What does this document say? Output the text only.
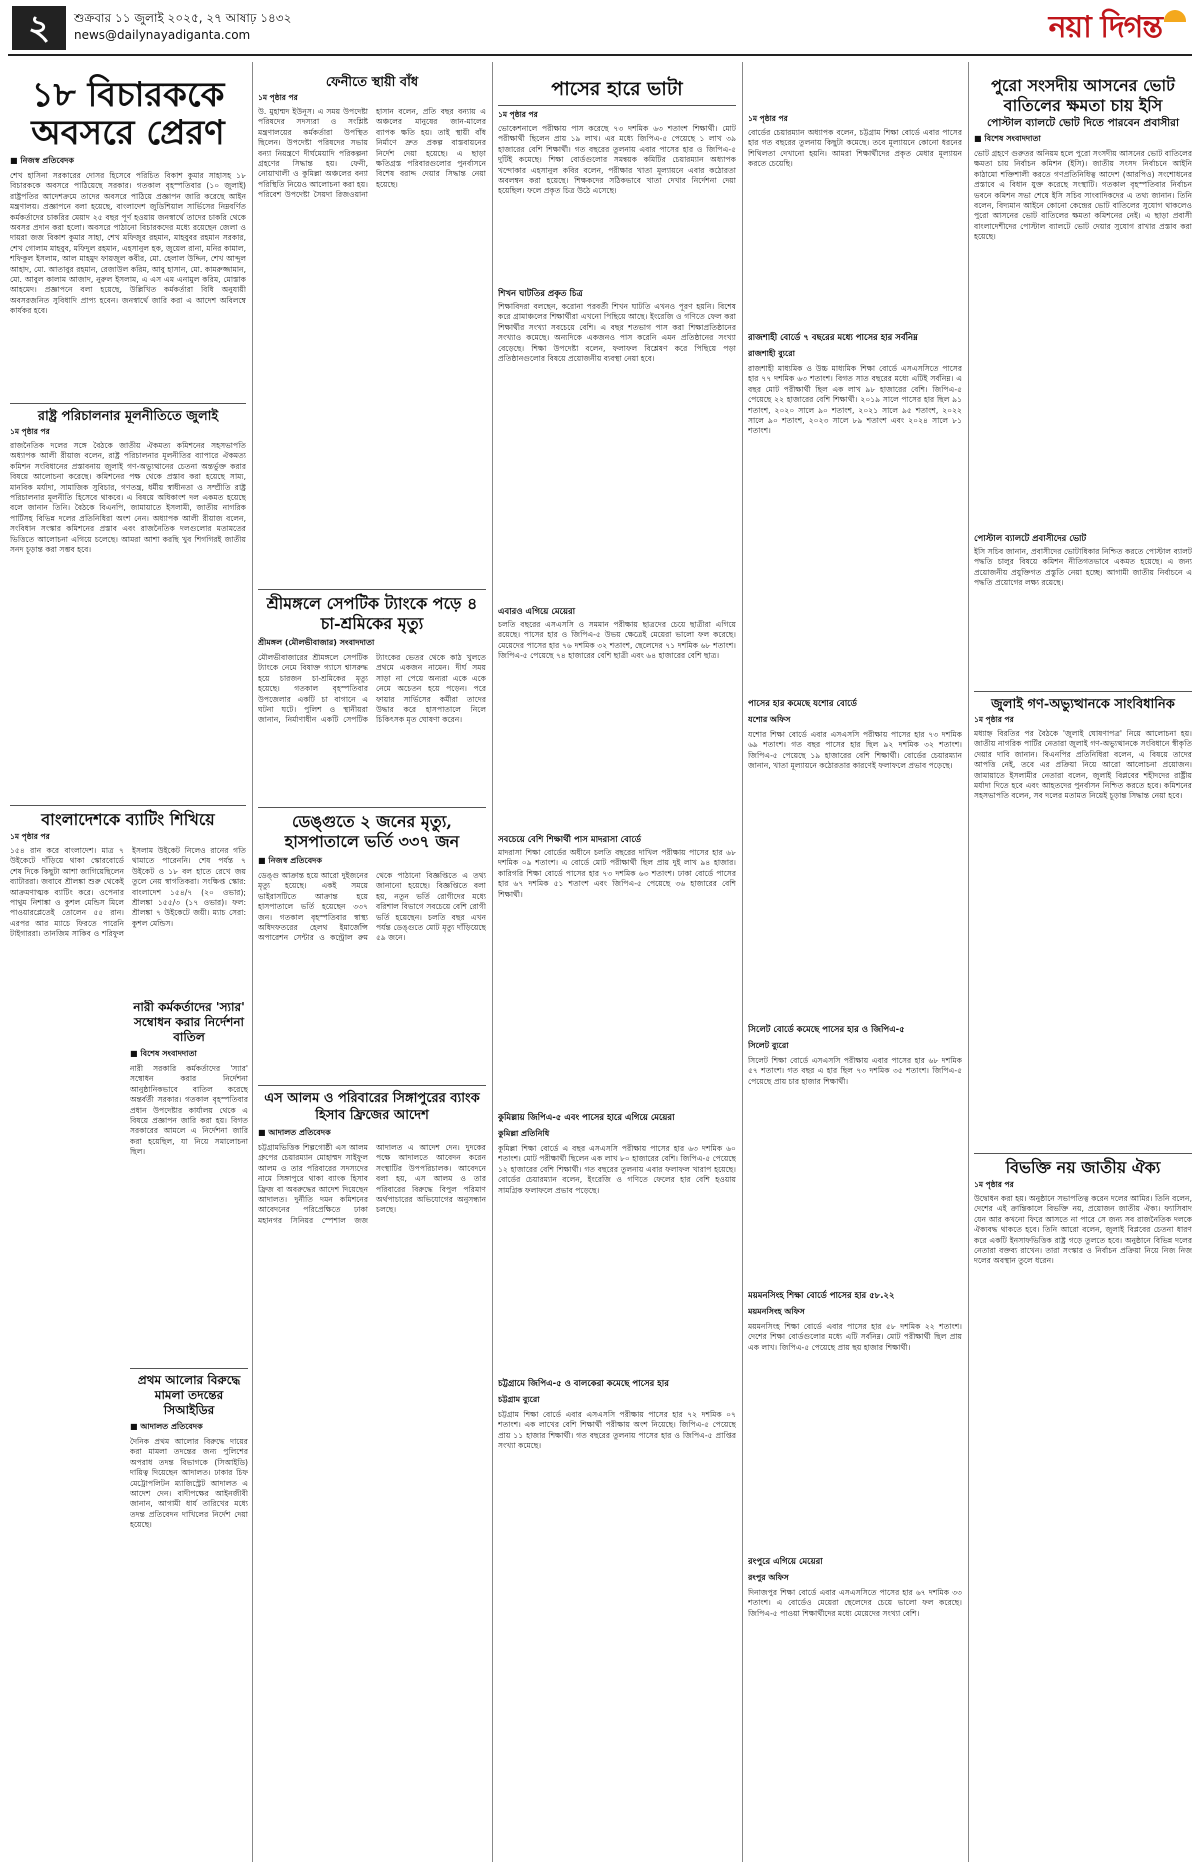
২	শুক্রবার ১১ জুলাই ২০২৫, ২৭ আষাঢ় ১৪৩২
news@dailynayadiganta.com	নয়া দিগন্ত
১৮ বিচারককে অবসরে প্রেরণ
■ নিজস্ব প্রতিবেদক
শেখ হাসিনা সরকারের দোসর হিসেবে পরিচিত বিকাশ কুমার সাহাসহ ১৮ বিচারককে অবসরে পাঠিয়েছে সরকার। গতকাল বৃহস্পতিবার (১০ জুলাই) রাষ্ট্রপতির আদেশক্রমে তাদের অবসরে পাঠিয়ে প্রজ্ঞাপন জারি করেছে আইন মন্ত্রণালয়। প্রজ্ঞাপনে বলা হয়েছে, বাংলাদেশ জুডিশিয়াল সার্ভিসের নিম্নবর্ণিত কর্মকর্তাদের চাকরির মেয়াদ ২৫ বছর পূর্ণ হওয়ায় জনস্বার্থে তাদের চাকরি থেকে অবসর প্রদান করা হলো। অবসরে পাঠানো বিচারকদের মধ্যে রয়েছেন জেলা ও দায়রা জজ বিকাশ কুমার সাহা, শেখ মফিজুর রহমান, মাহবুবর রহমান সরকার, শেখ গোলাম মাহবুব, মফিদুল রহমান, এহসানুল হক, জুয়েল রানা, মনির কামাল, শফিকুল ইসলাম, আল মাহমুদ ফায়জুল কবীর, মো. হেলাল উদ্দিন, শেখ আব্দুল আহাদ, মো. আতাবুর রহমান, রেজাউল করিম, আবু হাসান, মো. কামরুজ্জামান, মো. আবুল কালাম আজাদ, নুরুল ইসলাম, এ এস এম এনামুল করিম, মোস্তাক আহমেদ। প্রজ্ঞাপনে বলা হয়েছে, উল্লিখিত কর্মকর্তারা বিধি অনুযায়ী অবসরজনিত সুবিধাদি প্রাপ্য হবেন। জনস্বার্থে জারি করা এ আদেশ অবিলম্বে কার্যকর হবে।
রাষ্ট্র পরিচালনার মূলনীতিতে জুলাই
১ম পৃষ্ঠার পর
রাজনৈতিক দলের সঙ্গে বৈঠকে জাতীয় ঐকমত্য কমিশনের সহসভাপতি অধ্যাপক আলী রীয়াজ বলেন, রাষ্ট্র পরিচালনার মূলনীতির ব্যাপারে ঐকমত্য কমিশন সংবিধানের প্রস্তাবনায় জুলাই গণ-অভ্যুত্থানের চেতনা অন্তর্ভুক্ত করার বিষয়ে আলোচনা করেছে। কমিশনের পক্ষ থেকে প্রস্তাব করা হয়েছে সাম্য, মানবিক মর্যাদা, সামাজিক সুবিচার, গণতন্ত্র, ধর্মীয় স্বাধীনতা ও সম্প্রীতি রাষ্ট্র পরিচালনার মূলনীতি হিসেবে থাকবে। এ বিষয়ে অধিকাংশ দল একমত হয়েছে বলে জানান তিনি। বৈঠকে বিএনপি, জামায়াতে ইসলামী, জাতীয় নাগরিক পার্টিসহ বিভিন্ন দলের প্রতিনিধিরা অংশ নেন। অধ্যাপক আলী রীয়াজ বলেন, সংবিধান সংস্কার কমিশনের প্রস্তাব এবং রাজনৈতিক দলগুলোর মতামতের ভিত্তিতে আলোচনা এগিয়ে চলেছে। আমরা আশা করছি খুব শিগগিরই জাতীয় সনদ চূড়ান্ত করা সম্ভব হবে।
বাংলাদেশকে ব্যাটিং শিখিয়ে
১ম পৃষ্ঠার পর
১৫৪ রান করে বাংলাদেশ। মাত্র ৭ উইকেটে দাঁড়িয়ে থাকা স্কোরবোর্ডে শেষ দিকে কিছুটা আশা জাগিয়েছিলেন ব্যাটাররা। জবাবে শ্রীলঙ্কা শুরু থেকেই আক্রমণাত্মক ব্যাটিং করে। ওপেনার পাথুম নিশাঙ্কা ও কুশল মেন্ডিস মিলে পাওয়ারপ্লেতেই তোলেন ৫৫ রান। এরপর আর ম্যাচে ফিরতে পারেনি টাইগাররা। তানজিম সাকিব ও শরিফুল ইসলাম উইকেট নিলেও রানের গতি থামাতে পারেননি। শেষ পর্যন্ত ৭ উইকেট ও ১৮ বল হাতে রেখে জয় তুলে নেয় স্বাগতিকরা। সংক্ষিপ্ত স্কোর: বাংলাদেশ ১৫৪/৭ (২০ ওভার); শ্রীলঙ্কা ১৫৫/৩ (১৭ ওভার)। ফল: শ্রীলঙ্কা ৭ উইকেটে জয়ী। ম্যাচ সেরা: কুশল মেন্ডিস।
ফেনীতে স্থায়ী বাঁধ
১ম পৃষ্ঠার পর
উ. মুহাম্মদ ইউনূস। এ সময় উপদেষ্টা পরিষদের সদস্যরা ও সংশ্লিষ্ট মন্ত্রণালয়ের কর্মকর্তারা উপস্থিত ছিলেন। উপদেষ্টা পরিষদের সভায় বন্যা নিয়ন্ত্রণে দীর্ঘমেয়াদি পরিকল্পনা গ্রহণের সিদ্ধান্ত হয়। ফেনী, নোয়াখালী ও কুমিল্লা অঞ্চলের বন্যা পরিস্থিতি নিয়েও আলোচনা করা হয়। পরিবেশ উপদেষ্টা সৈয়দা রিজওয়ানা হাসান বলেন, প্রতি বছর বন্যায় এ অঞ্চলের মানুষের জান-মালের ব্যাপক ক্ষতি হয়। তাই স্থায়ী বাঁধ নির্মাণে দ্রুত প্রকল্প বাস্তবায়নের নির্দেশ দেয়া হয়েছে। এ ছাড়া ক্ষতিগ্রস্ত পরিবারগুলোর পুনর্বাসনে বিশেষ বরাদ্দ দেয়ার সিদ্ধান্ত নেয়া হয়েছে।
শ্রীমঙ্গলে সেপটিক ট্যাংকে পড়ে ৪ চা-শ্রমিকের মৃত্যু
শ্রীমঙ্গল (মৌলভীবাজার) সংবাদদাতা
মৌলভীবাজারের শ্রীমঙ্গলে সেপটিক ট্যাংকে নেমে বিষাক্ত গ্যাসে শ্বাসরুদ্ধ হয়ে চারজন চা-শ্রমিকের মৃত্যু হয়েছে। গতকাল বৃহস্পতিবার উপজেলার একটি চা বাগানে এ ঘটনা ঘটে। পুলিশ ও স্থানীয়রা জানান, নির্মাণাধীন একটি সেপটিক ট্যাংকের ভেতর থেকে কাঠ খুলতে প্রথমে একজন নামেন। দীর্ঘ সময় সাড়া না পেয়ে অন্যরা একে একে নেমে অচেতন হয়ে পড়েন। পরে ফায়ার সার্ভিসের কর্মীরা তাদের উদ্ধার করে হাসপাতালে নিলে চিকিৎসক মৃত ঘোষণা করেন।
ডেঙ্গুতে ২ জনের মৃত্যু, হাসপাতালে ভর্তি ৩৩৭ জন
■ নিজস্ব প্রতিবেদক
ডেঙ্গু আক্রান্ত হয়ে আরো দুইজনের মৃত্যু হয়েছে। একই সময়ে ভাইরাসটিতে আক্রান্ত হয়ে হাসপাতালে ভর্তি হয়েছেন ৩৩৭ জন। গতকাল বৃহস্পতিবার স্বাস্থ্য অধিদফতরের হেলথ ইমার্জেন্সি অপারেশন সেন্টার ও কন্ট্রোল রুম থেকে পাঠানো বিজ্ঞপ্তিতে এ তথ্য জানানো হয়েছে। বিজ্ঞপ্তিতে বলা হয়, নতুন ভর্তি রোগীদের মধ্যে বরিশাল বিভাগে সবচেয়ে বেশি রোগী ভর্তি হয়েছেন। চলতি বছর এখন পর্যন্ত ডেঙ্গুতে মোট মৃত্যু দাঁড়িয়েছে ৫৯ জনে।
এস আলম ও পরিবারের সিঙ্গাপুরের ব্যাংক হিসাব ফ্রিজের আদেশ
■ আদালত প্রতিবেদক
চট্টগ্রামভিত্তিক শিল্পগোষ্ঠী এস আলম গ্রুপের চেয়ারম্যান মোহাম্মদ সাইফুল আলম ও তার পরিবারের সদস্যদের নামে সিঙ্গাপুরে থাকা ব্যাংক হিসাব ফ্রিজ বা অবরুদ্ধের আদেশ দিয়েছেন আদালত। দুর্নীতি দমন কমিশনের আবেদনের পরিপ্রেক্ষিতে ঢাকা মহানগর সিনিয়র স্পেশাল জজ আদালত এ আদেশ দেন। দুদকের পক্ষে আদালতে আবেদন করেন সংস্থাটির উপপরিচালক। আবেদনে বলা হয়, এস আলম ও তার পরিবারের বিরুদ্ধে বিপুল পরিমাণ অর্থপাচারের অভিযোগের অনুসন্ধান চলছে।
নারী কর্মকর্তাদের 'স্যার' সম্বোধন করার নির্দেশনা বাতিল
■ বিশেষ সংবাদদাতা
নারী সরকারি কর্মকর্তাদের 'স্যার' সম্বোধন করার নির্দেশনা আনুষ্ঠানিকভাবে বাতিল করেছে অন্তর্বর্তী সরকার। গতকাল বৃহস্পতিবার প্রধান উপদেষ্টার কার্যালয় থেকে এ বিষয়ে প্রজ্ঞাপন জারি করা হয়। বিগত সরকারের আমলে এ নির্দেশনা জারি করা হয়েছিল, যা নিয়ে সমালোচনা ছিল।
প্রথম আলোর বিরুদ্ধে মামলা তদন্তের সিআইডির
■ আদালত প্রতিবেদক
দৈনিক প্রথম আলোর বিরুদ্ধে দায়ের করা মামলা তদন্তের জন্য পুলিশের অপরাধ তদন্ত বিভাগকে (সিআইডি) দায়িত্ব দিয়েছেন আদালত। ঢাকার চিফ মেট্রোপলিটন ম্যাজিস্ট্রেট আদালত এ আদেশ দেন। বাদীপক্ষের আইনজীবী জানান, আগামী ধার্য তারিখের মধ্যে তদন্ত প্রতিবেদন দাখিলের নির্দেশ দেয়া হয়েছে।
পাসের হারে ভাটা
১ম পৃষ্ঠার পর
ভোকেশনালে পরীক্ষায় পাস করেছে ৭৩ দশমিক ৬৩ শতাংশ শিক্ষার্থী। মোট পরীক্ষার্থী ছিলেন প্রায় ১৯ লাখ। এর মধ্যে জিপিএ-৫ পেয়েছে ১ লাখ ৩৯ হাজারের বেশি শিক্ষার্থী। গত বছরের তুলনায় এবার পাসের হার ও জিপিএ-৫ দুটিই কমেছে। শিক্ষা বোর্ডগুলোর সমন্বয়ক কমিটির চেয়ারম্যান অধ্যাপক খন্দোকার এহসানুল কবির বলেন, পরীক্ষার খাতা মূল্যায়নে এবার কঠোরতা অবলম্বন করা হয়েছে। শিক্ষকদের সঠিকভাবে খাতা দেখার নির্দেশনা দেয়া হয়েছিল। ফলে প্রকৃত চিত্র উঠে এসেছে।
শিখন ঘাটতির প্রকৃত চিত্র
শিক্ষাবিদরা বলছেন, করোনা পরবর্তী শিখন ঘাটতি এখনও পূরণ হয়নি। বিশেষ করে গ্রামাঞ্চলের শিক্ষার্থীরা এখনো পিছিয়ে আছে। ইংরেজি ও গণিতে ফেল করা শিক্ষার্থীর সংখ্যা সবচেয়ে বেশি। এ বছর শতভাগ পাস করা শিক্ষাপ্রতিষ্ঠানের সংখ্যাও কমেছে। অন্যদিকে একজনও পাস করেনি এমন প্রতিষ্ঠানের সংখ্যা বেড়েছে। শিক্ষা উপদেষ্টা বলেন, ফলাফল বিশ্লেষণ করে পিছিয়ে পড়া প্রতিষ্ঠানগুলোর বিষয়ে প্রয়োজনীয় ব্যবস্থা নেয়া হবে।
এবারও এগিয়ে মেয়েরা
চলতি বছরের এসএসসি ও সমমান পরীক্ষায় ছাত্রদের চেয়ে ছাত্রীরা এগিয়ে রয়েছে। পাসের হার ও জিপিএ-৫ উভয় ক্ষেত্রেই মেয়েরা ভালো ফল করেছে। মেয়েদের পাসের হার ৭৬ দশমিক ৩২ শতাংশ, ছেলেদের ৭১ দশমিক ৬৮ শতাংশ। জিপিএ-৫ পেয়েছে ৭৪ হাজারের বেশি ছাত্রী এবং ৬৪ হাজারের বেশি ছাত্র।
সবচেয়ে বেশি শিক্ষার্থী পাস মাদরাসা বোর্ডে
মাদরাসা শিক্ষা বোর্ডের অধীনে চলতি বছরের দাখিল পরীক্ষায় পাসের হার ৬৮ দশমিক ০৯ শতাংশ। এ বোর্ডে মোট পরীক্ষার্থী ছিল প্রায় দুই লাখ ৯৪ হাজার। কারিগরি শিক্ষা বোর্ডে পাসের হার ৭৩ দশমিক ৬৩ শতাংশ। ঢাকা বোর্ডে পাসের হার ৬৭ দশমিক ৫১ শতাংশ এবং জিপিএ-৫ পেয়েছে ৩৬ হাজারের বেশি শিক্ষার্থী।
কুমিল্লায় জিপিএ-৫ এবং পাসের হারে এগিয়ে মেয়েরা
কুমিল্লা প্রতিনিধি
কুমিল্লা শিক্ষা বোর্ডে এ বছর এসএসসি পরীক্ষায় পাসের হার ৬৩ দশমিক ৬০ শতাংশ। মোট পরীক্ষার্থী ছিলেন এক লাখ ৮০ হাজারের বেশি। জিপিএ-৫ পেয়েছে ১২ হাজারের বেশি শিক্ষার্থী। গত বছরের তুলনায় এবার ফলাফল খারাপ হয়েছে। বোর্ডের চেয়ারম্যান বলেন, ইংরেজি ও গণিতে ফেলের হার বেশি হওয়ায় সামগ্রিক ফলাফলে প্রভাব পড়েছে।
চট্টগ্রামে জিপিএ-৫ ও বালকেরা কমেছে পাসের হার
চট্টগ্রাম ব্যুরো
চট্টগ্রাম শিক্ষা বোর্ডে এবার এসএসসি পরীক্ষায় পাসের হার ৭২ দশমিক ০৭ শতাংশ। এক লাখের বেশি শিক্ষার্থী পরীক্ষায় অংশ নিয়েছে। জিপিএ-৫ পেয়েছে প্রায় ১১ হাজার শিক্ষার্থী। গত বছরের তুলনায় পাসের হার ও জিপিএ-৫ প্রাপ্তির সংখ্যা কমেছে।
১ম পৃষ্ঠার পর
বোর্ডের চেয়ারম্যান অধ্যাপক বলেন, চট্টগ্রাম শিক্ষা বোর্ডে এবার পাসের হার গত বছরের তুলনায় কিছুটা কমেছে। তবে মূল্যায়নে কোনো ধরনের শিথিলতা দেখানো হয়নি। আমরা শিক্ষার্থীদের প্রকৃত মেধার মূল্যায়ন করতে চেয়েছি।
রাজশাহী বোর্ডে ৭ বছরের মধ্যে পাসের হার সর্বনিম্ন
রাজশাহী ব্যুরো
রাজশাহী মাধ্যমিক ও উচ্চ মাধ্যমিক শিক্ষা বোর্ডে এসএসসিতে পাসের হার ৭৭ দশমিক ৬৩ শতাংশ। বিগত সাত বছরের মধ্যে এটিই সর্বনিম্ন। এ বছর মোট পরীক্ষার্থী ছিল এক লাখ ৯৮ হাজারের বেশি। জিপিএ-৫ পেয়েছে ২২ হাজারের বেশি শিক্ষার্থী। ২০১৯ সালে পাসের হার ছিল ৯১ শতাংশ, ২০২০ সালে ৯০ শতাংশ, ২০২১ সালে ৯৫ শতাংশ, ২০২২ সালে ৯০ শতাংশ, ২০২৩ সালে ৮৯ শতাংশ এবং ২০২৪ সালে ৮১ শতাংশ।
পাসের হার কমেছে যশোর বোর্ডে
যশোর অফিস
যশোর শিক্ষা বোর্ডে এবার এসএসসি পরীক্ষায় পাসের হার ৭৩ দশমিক ৬৯ শতাংশ। গত বছর পাসের হার ছিল ৯২ দশমিক ৩২ শতাংশ। জিপিএ-৫ পেয়েছে ১৯ হাজারের বেশি শিক্ষার্থী। বোর্ডের চেয়ারম্যান জানান, খাতা মূল্যায়নে কঠোরতার কারণেই ফলাফলে প্রভাব পড়েছে।
সিলেট বোর্ডে কমেছে পাসের হার ও জিপিএ-৫
সিলেট ব্যুরো
সিলেট শিক্ষা বোর্ডে এসএসসি পরীক্ষায় এবার পাসের হার ৬৮ দশমিক ৫৭ শতাংশ। গত বছর এ হার ছিল ৭৩ দশমিক ৩৫ শতাংশ। জিপিএ-৫ পেয়েছে প্রায় চার হাজার শিক্ষার্থী।
ময়মনসিংহ শিক্ষা বোর্ডে পাসের হার ৫৮.২২
ময়মনসিংহ অফিস
ময়মনসিংহ শিক্ষা বোর্ডে এবার পাসের হার ৫৮ দশমিক ২২ শতাংশ। দেশের শিক্ষা বোর্ডগুলোর মধ্যে এটি সর্বনিম্ন। মোট পরীক্ষার্থী ছিল প্রায় এক লাখ। জিপিএ-৫ পেয়েছে প্রায় ছয় হাজার শিক্ষার্থী।
রংপুরে এগিয়ে মেয়েরা
রংপুর অফিস
দিনাজপুর শিক্ষা বোর্ডে এবার এসএসসিতে পাসের হার ৬৭ দশমিক ৩৩ শতাংশ। এ বোর্ডেও মেয়েরা ছেলেদের চেয়ে ভালো ফল করেছে। জিপিএ-৫ পাওয়া শিক্ষার্থীদের মধ্যে মেয়েদের সংখ্যা বেশি।
পুরো সংসদীয় আসনের ভোট বাতিলের ক্ষমতা চায় ইসি
পোস্টাল ব্যালটে ভোট দিতে পারবেন প্রবাসীরা
■ বিশেষ সংবাদদাতা
ভোট গ্রহণে গুরুতর অনিয়ম হলে পুরো সংসদীয় আসনের ভোট বাতিলের ক্ষমতা চায় নির্বাচন কমিশন (ইসি)। জাতীয় সংসদ নির্বাচনে আইনি কাঠামো শক্তিশালী করতে গণপ্রতিনিধিত্ব আদেশ (আরপিও) সংশোধনের প্রস্তাবে এ বিধান যুক্ত করেছে সংস্থাটি। গতকাল বৃহস্পতিবার নির্বাচন ভবনে কমিশন সভা শেষে ইসি সচিব সাংবাদিকদের এ তথ্য জানান। তিনি বলেন, বিদ্যমান আইনে কোনো কেন্দ্রের ভোট বাতিলের সুযোগ থাকলেও পুরো আসনের ভোট বাতিলের ক্ষমতা কমিশনের নেই। এ ছাড়া প্রবাসী বাংলাদেশীদের পোস্টাল ব্যালটে ভোট দেয়ার সুযোগ রাখার প্রস্তাব করা হয়েছে।
পোস্টাল ব্যালটে প্রবাসীদের ভোট
ইসি সচিব জানান, প্রবাসীদের ভোটাধিকার নিশ্চিত করতে পোস্টাল ব্যালট পদ্ধতি চালুর বিষয়ে কমিশন নীতিগতভাবে একমত হয়েছে। এ জন্য প্রয়োজনীয় প্রযুক্তিগত প্রস্তুতি নেয়া হচ্ছে। আগামী জাতীয় নির্বাচনে এ পদ্ধতি প্রয়োগের লক্ষ্য রয়েছে।
জুলাই গণ-অভ্যুত্থানকে সাংবিধানিক
১ম পৃষ্ঠার পর
মধ্যাহ্ন বিরতির পর বৈঠকে 'জুলাই ঘোষণাপত্র' নিয়ে আলোচনা হয়। জাতীয় নাগরিক পার্টির নেতারা জুলাই গণ-অভ্যুত্থানকে সংবিধানে স্বীকৃতি দেয়ার দাবি জানান। বিএনপির প্রতিনিধিরা বলেন, এ বিষয়ে তাদের আপত্তি নেই, তবে এর প্রক্রিয়া নিয়ে আরো আলোচনা প্রয়োজন। জামায়াতে ইসলামীর নেতারা বলেন, জুলাই বিপ্লবের শহীদদের রাষ্ট্রীয় মর্যাদা দিতে হবে এবং আহতদের পুনর্বাসন নিশ্চিত করতে হবে। কমিশনের সহসভাপতি বলেন, সব দলের মতামত নিয়েই চূড়ান্ত সিদ্ধান্ত নেয়া হবে।
বিভক্তি নয় জাতীয় ঐক্য
১ম পৃষ্ঠার পর
উদ্বোধন করা হয়। অনুষ্ঠানে সভাপতিত্ব করেন দলের আমির। তিনি বলেন, দেশের এই ক্রান্তিকালে বিভক্তি নয়, প্রয়োজন জাতীয় ঐক্য। ফ্যাসিবাদ যেন আর কখনো ফিরে আসতে না পারে সে জন্য সব রাজনৈতিক দলকে ঐক্যবদ্ধ থাকতে হবে। তিনি আরো বলেন, জুলাই বিপ্লবের চেতনা ধারণ করে একটি ইনসাফভিত্তিক রাষ্ট্র গড়ে তুলতে হবে। অনুষ্ঠানে বিভিন্ন দলের নেতারা বক্তব্য রাখেন। তারা সংস্কার ও নির্বাচন প্রক্রিয়া নিয়ে নিজ নিজ দলের অবস্থান তুলে ধরেন।
